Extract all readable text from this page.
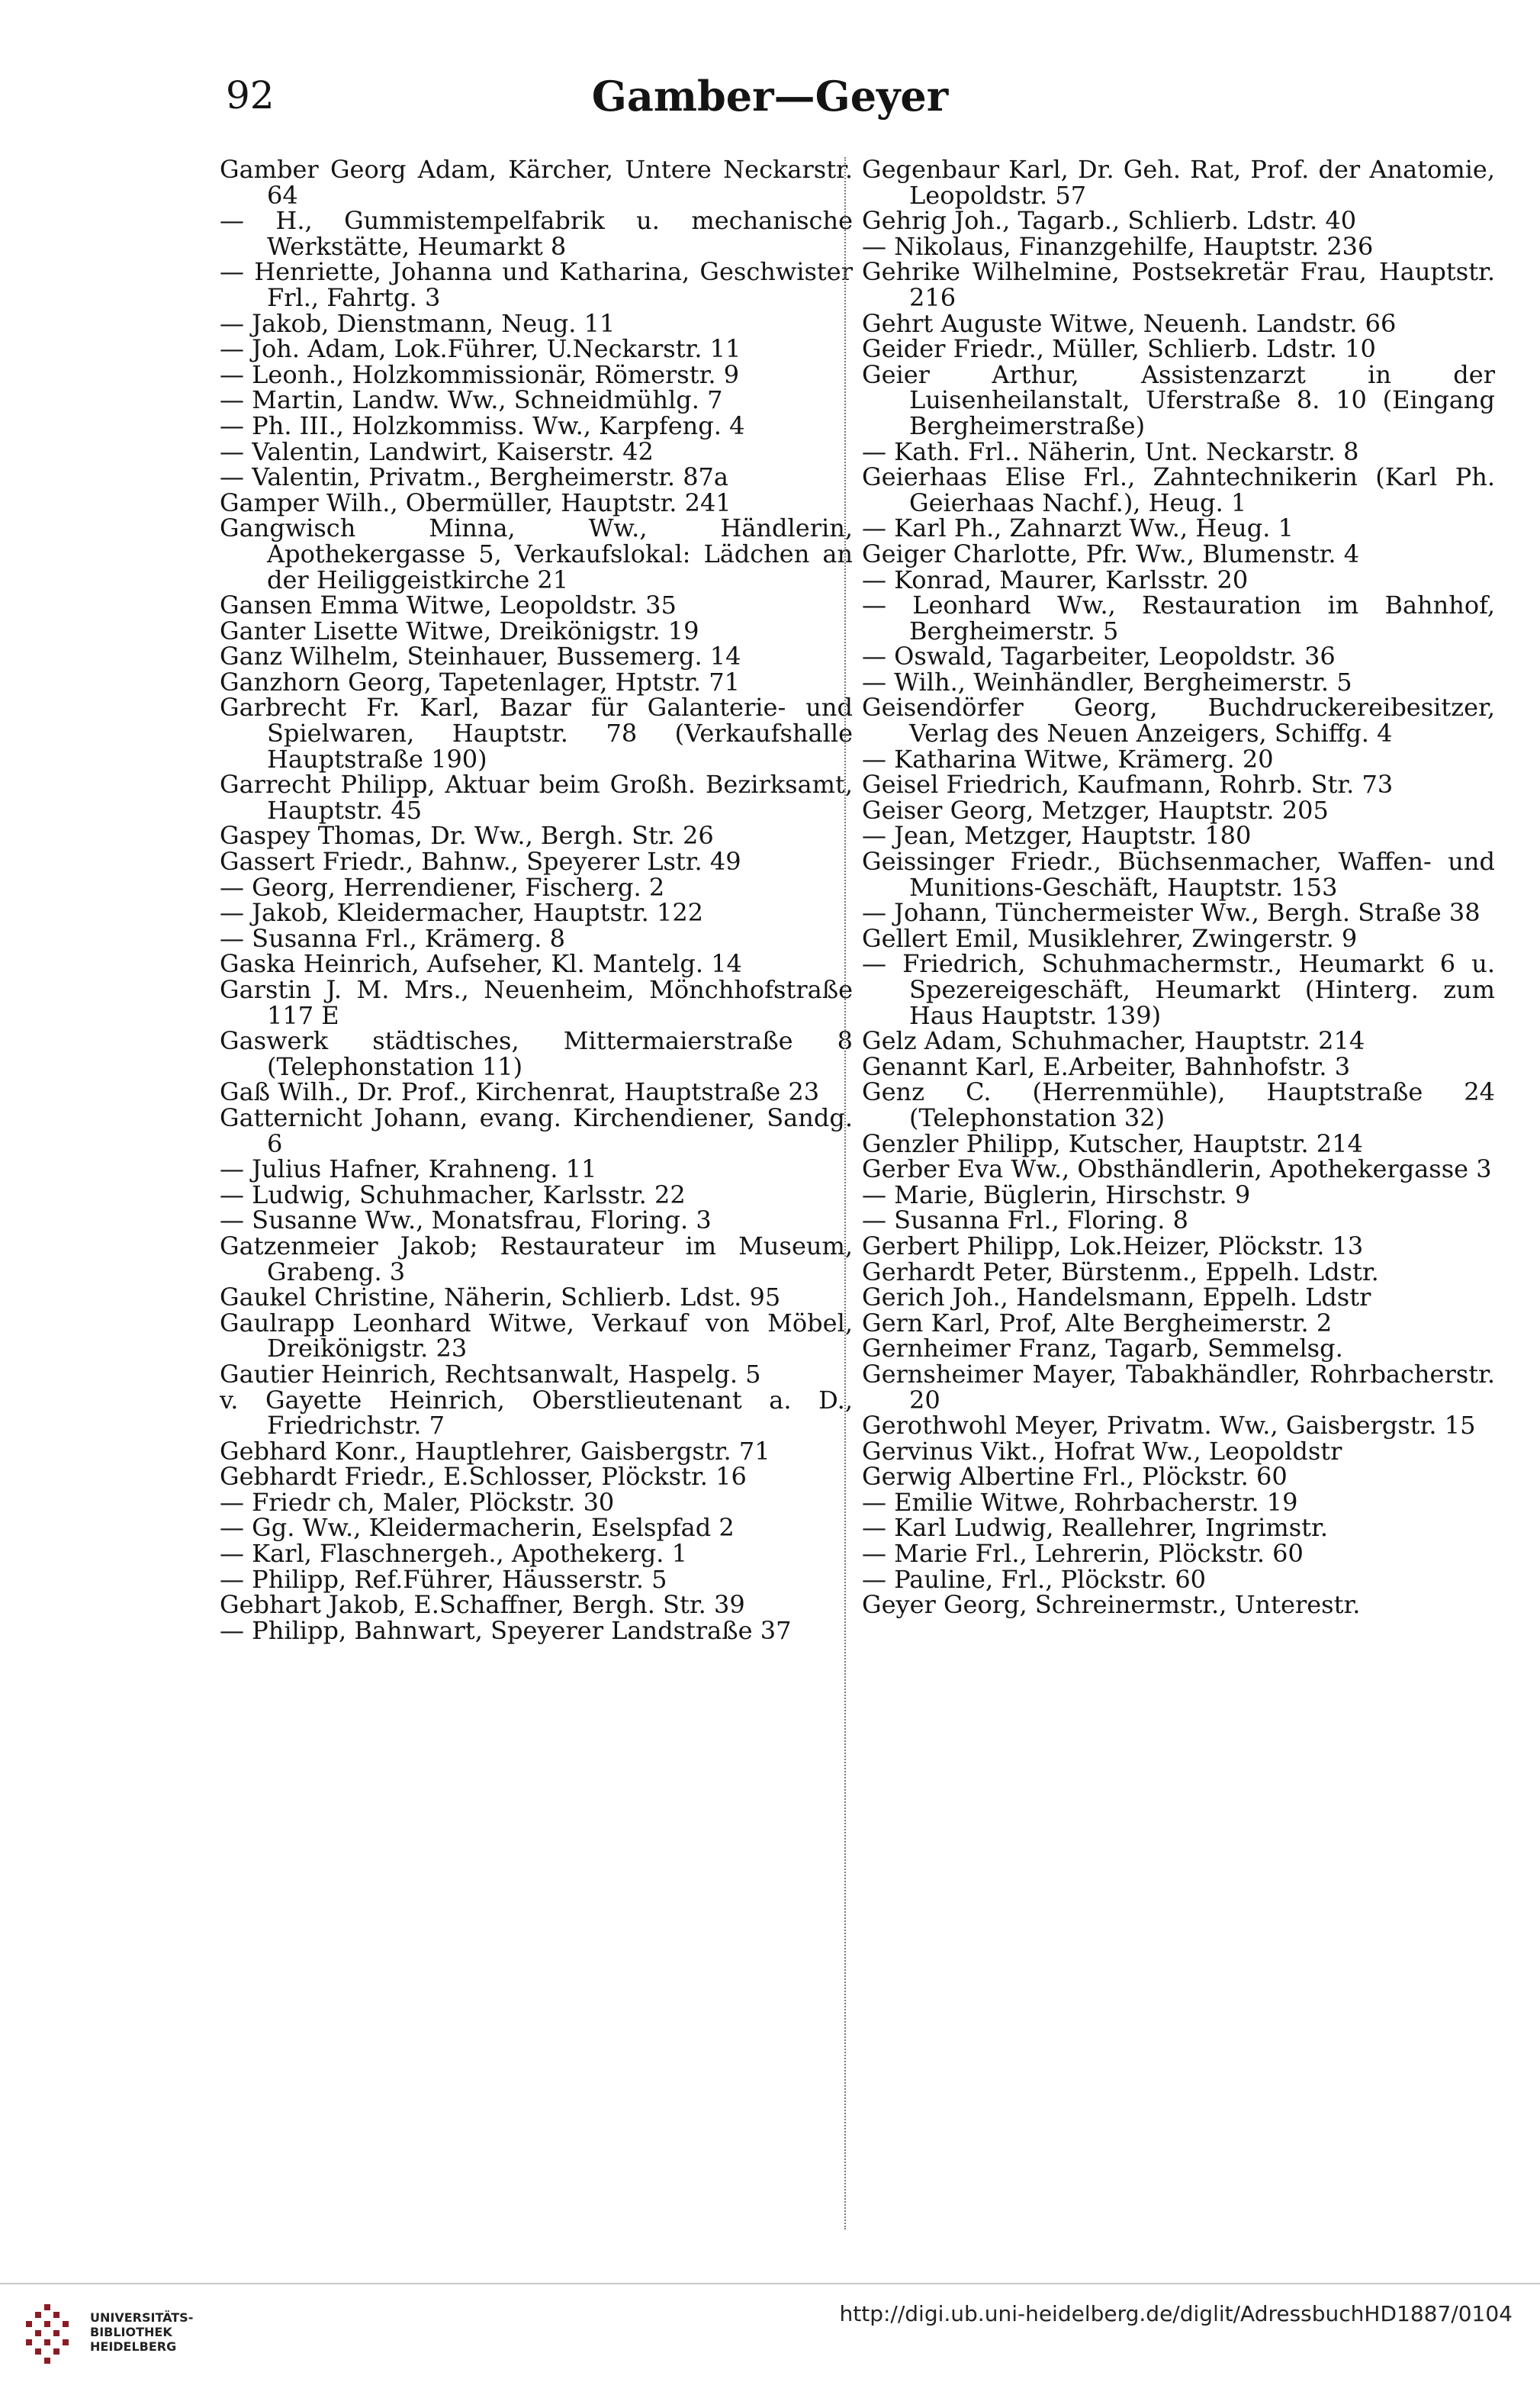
92	Gamber—Geyer

Gamber Georg Adam, Kärcher, Untere Neckarstr. 64

— H., Gummistempelfabrik u. mechanische Werkstätte, Heumarkt 8

— Henriette, Johanna und Katharina, Geschwister Frl., Fahrtg. 3

— Jakob, Dienstmann, Neug. 11

— Joh. Adam, Lok.Führer, U.Neckarstr. 11

— Leonh., Holzkommissionär, Römerstr. 9

— Martin, Landw. Ww., Schneidmühlg. 7

— Ph. III., Holzkommiss. Ww., Karpfeng. 4

— Valentin, Landwirt, Kaiserstr. 42

— Valentin, Privatm., Bergheimerstr. 87a

Gamper Wilh., Obermüller, Hauptstr. 241

Gangwisch Minna, Ww., Händlerin, Apothekergasse 5, Verkaufslokal: Lädchen an der Heiliggeistkirche 21

Gansen Emma Witwe, Leopoldstr. 35

Ganter Lisette Witwe, Dreikönigstr. 19

Ganz Wilhelm, Steinhauer, Bussemerg. 14

Ganzhorn Georg, Tapetenlager, Hptstr. 71

Garbrecht Fr. Karl, Bazar für Galanterie- und Spielwaren, Hauptstr. 78 (Verkaufshalle Hauptstraße 190)

Garrecht Philipp, Aktuar beim Großh. Bezirksamt, Hauptstr. 45

Gaspey Thomas, Dr. Ww., Bergh. Str. 26

Gassert Friedr., Bahnw., Speyerer Lstr. 49

— Georg, Herrendiener, Fischerg. 2

— Jakob, Kleidermacher, Hauptstr. 122

— Susanna Frl., Krämerg. 8

Gaska Heinrich, Aufseher, Kl. Mantelg. 14

Garstin J. M. Mrs., Neuenheim, Mönchhofstraße 117 E

Gaswerk städtisches, Mittermaierstraße 8 (Telephonstation 11)

Gaß Wilh., Dr. Prof., Kirchenrat, Hauptstraße 23

Gatternicht Johann, evang. Kirchendiener, Sandg. 6

— Julius Hafner, Krahneng. 11

— Ludwig, Schuhmacher, Karlsstr. 22

— Susanne Ww., Monatsfrau, Floring. 3

Gatzenmeier Jakob; Restaurateur im Museum, Grabeng. 3

Gaukel Christine, Näherin, Schlierb. Ldst. 95

Gaulrapp Leonhard Witwe, Verkauf von Möbel, Dreikönigstr. 23

Gautier Heinrich, Rechtsanwalt, Haspelg. 5

v. Gayette Heinrich, Oberstlieutenant a. D., Friedrichstr. 7

Gebhard Konr., Hauptlehrer, Gaisbergstr. 71

Gebhardt Friedr., E.Schlosser, Plöckstr. 16

— Friedr ch, Maler, Plöckstr. 30

— Gg. Ww., Kleidermacherin, Eselspfad 2

— Karl, Flaschnergeh., Apothekerg. 1

— Philipp, Ref.Führer, Häusserstr. 5

Gebhart Jakob, E.Schaffner, Bergh. Str. 39

— Philipp, Bahnwart, Speyerer Landstraße 37

Gegenbaur Karl, Dr. Geh. Rat, Prof. der Anatomie, Leopoldstr. 57

Gehrig Joh., Tagarb., Schlierb. Ldstr. 40

— Nikolaus, Finanzgehilfe, Hauptstr. 236

Gehrike Wilhelmine, Postsekretär Frau, Hauptstr. 216

Gehrt Auguste Witwe, Neuenh. Landstr. 66

Geider Friedr., Müller, Schlierb. Ldstr. 10

Geier Arthur, Assistenzarzt in der Luisenheilanstalt, Uferstraße 8. 10 (Eingang Bergheimerstraße)

— Kath. Frl.. Näherin, Unt. Neckarstr. 8

Geierhaas Elise Frl., Zahntechnikerin (Karl Ph. Geierhaas Nachf.), Heug. 1

— Karl Ph., Zahnarzt Ww., Heug. 1

Geiger Charlotte, Pfr. Ww., Blumenstr. 4

— Konrad, Maurer, Karlsstr. 20

— Leonhard Ww., Restauration im Bahnhof, Bergheimerstr. 5

— Oswald, Tagarbeiter, Leopoldstr. 36

— Wilh., Weinhändler, Bergheimerstr. 5

Geisendörfer Georg, Buchdruckereibesitzer, Verlag des Neuen Anzeigers, Schiffg. 4

— Katharina Witwe, Krämerg. 20

Geisel Friedrich, Kaufmann, Rohrb. Str. 73

Geiser Georg, Metzger, Hauptstr. 205

— Jean, Metzger, Hauptstr. 180

Geissinger Friedr., Büchsenmacher, Waffen- und Munitions-Geschäft, Hauptstr. 153

— Johann, Tünchermeister Ww., Bergh. Straße 38

Gellert Emil, Musiklehrer, Zwingerstr. 9

— Friedrich, Schuhmachermstr., Heumarkt 6 u. Spezereigeschäft, Heumarkt (Hinterg. zum Haus Hauptstr. 139)

Gelz Adam, Schuhmacher, Hauptstr. 214

Genannt Karl, E.Arbeiter, Bahnhofstr. 3

Genz C. (Herrenmühle), Hauptstraße 24 (Telephonstation 32)

Genzler Philipp, Kutscher, Hauptstr. 214

Gerber Eva Ww., Obsthändlerin, Apothekergasse 3

— Marie, Büglerin, Hirschstr. 9

— Susanna Frl., Floring. 8

Gerbert Philipp, Lok.Heizer, Plöckstr. 13

Gerhardt Peter, Bürstenm., Eppelh. Ldstr.

Gerich Joh., Handelsmann, Eppelh. Ldstr

Gern Karl, Prof, Alte Bergheimerstr. 2

Gernheimer Franz, Tagarb, Semmelsg.

Gernsheimer Mayer, Tabakhändler, Rohrbacherstr. 20

Gerothwohl Meyer, Privatm. Ww., Gaisbergstr. 15

Gervinus Vikt., Hofrat Ww., Leopoldstr

Gerwig Albertine Frl., Plöckstr. 60

— Emilie Witwe, Rohrbacherstr. 19

— Karl Ludwig, Reallehrer, Ingrimstr.

— Marie Frl., Lehrerin, Plöckstr. 60

— Pauline, Frl., Plöckstr. 60

Geyer Georg, Schreinermstr., Unterestr.

UNIVERSITÄTS-
BIBLIOTHEK
HEIDELBERG
http://digi.ub.uni-heidelberg.de/diglit/AdressbuchHD1887/0104
